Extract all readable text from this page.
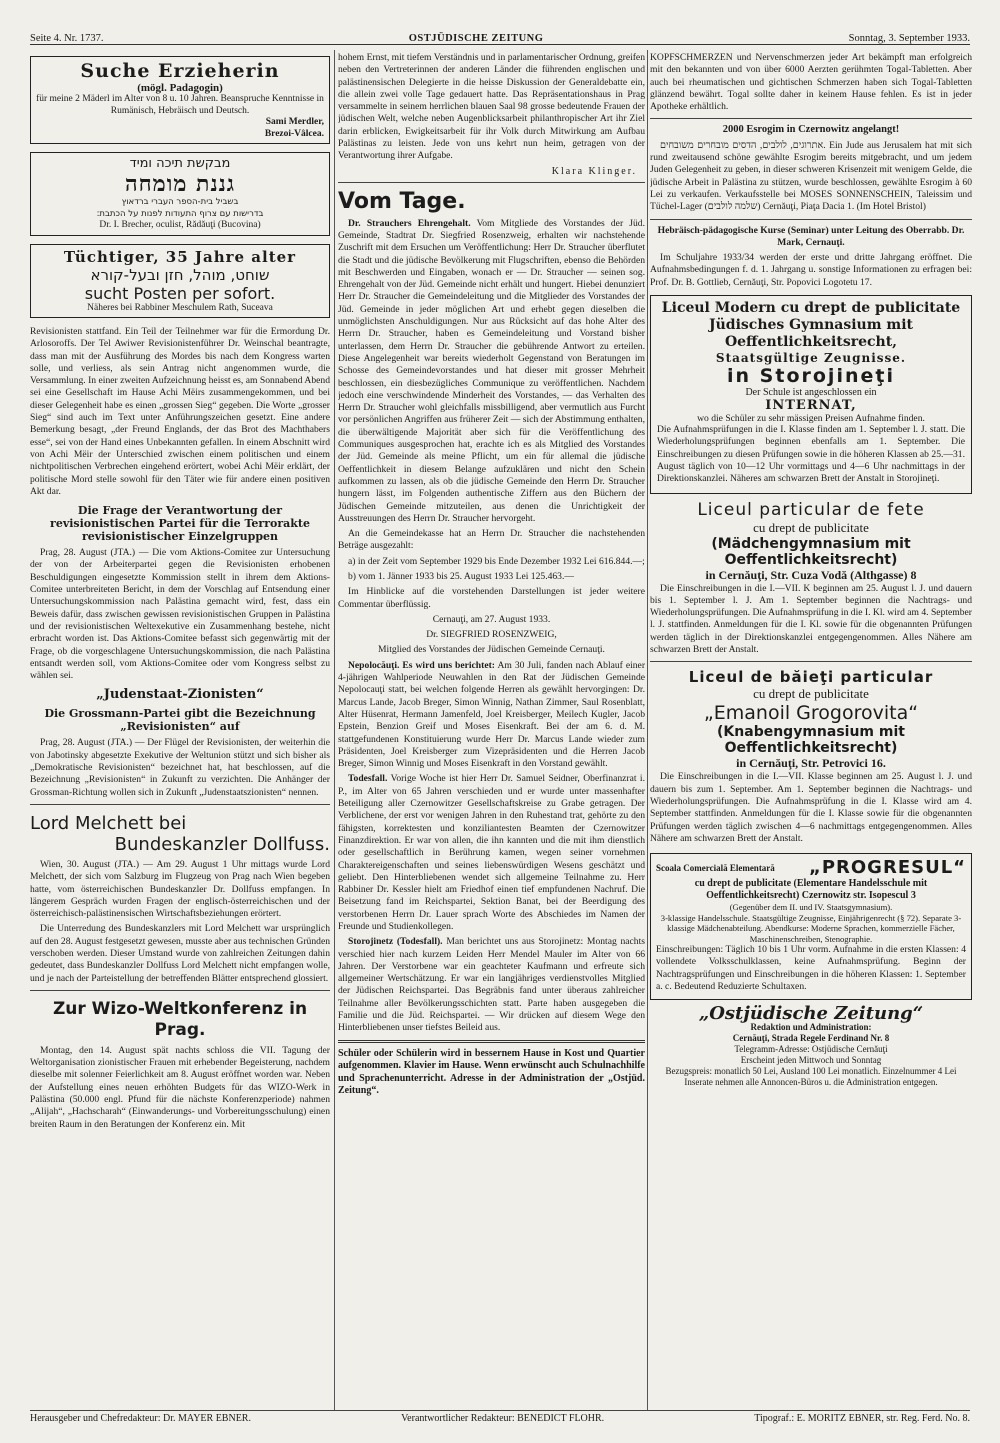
Seite 4. Nr. 1737.	OSTJÜDISCHE ZEITUNG	Sonntag, 3. September 1933.
Suche Erzieherin
(mögl. Padagogin)
für meine 2 Mäderl im Alter von 8 u. 10 Jahren. Beanspruche Kenntnisse in Rumänisch, Hebräisch und Deutsch.
Sami Merdler,
Brezoi-Vâlcea.
מבקשת תיכה ומיד
גננת מומחה
בשביל בית-הספר העברי ברדאוץ
בדרישות עם צרוף התעודות לפנות על הכתבת:
Dr. I. Brecher, oculist, Rădăuţi (Bucovina)
Tüchtiger, 35 Jahre alter
שוחט, מוהל, חזן ובעל-קורא
sucht Posten per sofort.
Näheres bei Rabbiner Meschulem Rath, Suceava

Revisionisten stattfand. Ein Teil der Teilnehmer war für die Ermordung Dr. Arlosoroffs. Der Tel Awiwer Revisionistenführer Dr. Weinschal beantragte, dass man mit der Ausführung des Mordes bis nach dem Kongress warten solle, und verliess, als sein Antrag nicht angenommen wurde, die Versammlung. In einer zweiten Aufzeichnung heisst es, am Sonnabend Abend sei eine Gesellschaft im Hause Achi Mëirs zusammengekommen, und bei dieser Gelegenheit habe es einen „grossen Sieg“ gegeben. Die Worte „grosser Sieg“ sind auch im Text unter Anführungszeichen gesetzt. Eine andere Bemerkung besagt, „der Freund Englands, der das Brot des Machthabers esse“, sei von der Hand eines Unbekannten gefallen. In einem Abschnitt wird von Achi Mëir der Unterschied zwischen einem politischen und einem nichtpolitischen Verbrechen eingehend erörtert, wobei Achi Mëir erklärt, der politische Mord stelle sowohl für den Täter wie für andere einen positiven Akt dar.

Die Frage der Verantwortung der revisionistischen Partei für die Terrorakte revisionistischer Einzelgruppen

Prag, 28. August (JTA.) — Die vom Aktions-Comitee zur Untersuchung der von der Arbeiterpartei gegen die Revisionisten erhobenen Beschuldigungen eingesetzte Kommission stellt in ihrem dem Aktions-Comitee unterbreiteten Bericht, in dem der Vorschlag auf Entsendung einer Untersuchungskommission nach Palästina gemacht wird, fest, dass ein Beweis dafür, dass zwischen gewissen revisionistischen Gruppen in Palästina und der revisionistischen Weltexekutive ein Zusammenhang bestehe, nicht erbracht worden ist. Das Aktions-Comitee befasst sich gegenwärtig mit der Frage, ob die vorgeschlagene Untersuchungskommission, die nach Palästina entsandt werden soll, vom Aktions-Comitee oder vom Kongress selbst zu wählen sei.

„Judenstaat-Zionisten“
Die Grossmann-Partei gibt die Bezeichnung „Revisionisten“ auf

Prag, 28. August (JTA.) — Der Flügel der Revisionisten, der weiterhin die von Jabotinsky abgesetzte Exekutive der Weltunion stützt und sich bisher als „Demokratische Revisionisten“ bezeichnet hat, hat beschlossen, auf die Bezeichnung „Revisionisten“ in Zukunft zu verzichten. Die Anhänger der Grossman-Richtung wollen sich in Zukunft „Judenstaatszionisten“ nennen.

Lord Melchett bei
Bundeskanzler Dollfuss.

Wien, 30. August (JTA.) — Am 29. August 1 Uhr mittags wurde Lord Melchett, der sich vom Salzburg im Flugzeug von Prag nach Wien begeben hatte, vom österreichischen Bundeskanzler Dr. Dollfuss empfangen. In längerem Gespräch wurden Fragen der englisch-österreichischen und der österreichisch-palästinensischen Wirtschaftsbeziehungen erörtert.

Die Unterredung des Bundeskanzlers mit Lord Melchett war ursprünglich auf den 28. August festgesetzt gewesen, musste aber aus technischen Gründen verschoben werden. Dieser Umstand wurde von zahlreichen Zeitungen dahin gedeutet, dass Bundeskanzler Dollfuss Lord Melchett nicht empfangen wolle, und je nach der Parteistellung der betreffenden Blätter entsprechend glossiert.

Zur Wizo-Weltkonferenz in Prag.

Montag, den 14. August spät nachts schloss die VII. Tagung der Weltorganisation zionistischer Frauen mit erhebender Begeisterung, nachdem dieselbe mit solenner Feierlichkeit am 8. August eröffnet worden war. Neben der Aufstellung eines neuen erhöhten Budgets für das WIZO-Werk in Palästina (50.000 engl. Pfund für die nächste Konferenzperiode) nahmen „Alijah“, „Hachscharah“ (Einwanderungs- und Vorbereitungsschulung) einen breiten Raum in den Beratungen der Konferenz ein. Mit

hohem Ernst, mit tiefem Verständnis und in parlamentarischer Ordnung, greifen neben den Vertreterinnen der anderen Länder die führenden englischen und palästinensischen Delegierte in die heisse Diskussion der Generaldebatte ein, die allein zwei volle Tage gedauert hatte. Das Repräsentationshaus in Prag versammelte in seinem herrlichen blauen Saal 98 grosse bedeutende Frauen der jüdischen Welt, welche neben Augenblicksarbeit philanthropischer Art ihr Ziel darin erblicken, Ewigkeitsarbeit für ihr Volk durch Mitwirkung am Aufbau Palästinas zu leisten. Jede von uns kehrt nun heim, getragen von der Verantwortung ihrer Aufgabe.

Klara Klinger.
Vom Tage.

Dr. Strauchers Ehrengehalt. Vom Mitgliede des Vorstandes der Jüd. Gemeinde, Stadtrat Dr. Siegfried Rosenzweig, erhalten wir nachstehende Zuschrift mit dem Ersuchen um Veröffentlichung: Herr Dr. Straucher überflutet die Stadt und die jüdische Bevölkerung mit Flugschriften, ebenso die Behörden mit Beschwerden und Eingaben, wonach er — Dr. Straucher — seinen sog. Ehrengehalt von der Jüd. Gemeinde nicht erhält und hungert. Hiebei denunziert Herr Dr. Straucher die Gemeindeleitung und die Mitglieder des Vorstandes der Jüd. Gemeinde in jeder möglichen Art und erhebt gegen dieselben die unmöglichsten Anschuldigungen. Nur aus Rücksicht auf das hohe Alter des Herrn Dr. Straucher, haben es Gemeindeleitung und Vorstand bisher unterlassen, dem Herrn Dr. Straucher die gebührende Antwort zu erteilen. Diese Angelegenheit war bereits wiederholt Gegenstand von Beratungen im Schosse des Gemeindevorstandes und hat dieser mit grosser Mehrheit beschlossen, ein diesbezügliches Communique zu veröffentlichen. Nachdem jedoch eine verschwindende Minderheit des Vorstandes, — das Verhalten des Herrn Dr. Straucher wohl gleichfalls missbilligend, aber vermutlich aus Furcht vor persönlichen Angriffen aus früherer Zeit — sich der Abstimmung enthalten, die überwältigende Majorität aber sich für die Veröffentlichung des Communiques ausgesprochen hat, erachte ich es als Mitglied des Vorstandes der Jüd. Gemeinde als meine Pflicht, um ein für allemal die jüdische Oeffentlichkeit in diesem Belange aufzuklären und nicht den Schein aufkommen zu lassen, als ob die jüdische Gemeinde den Herrn Dr. Straucher hungern lässt, im Folgenden authentische Ziffern aus den Büchern der Jüdischen Gemeinde mitzuteilen, aus denen die Unrichtigkeit der Ausstreuungen des Herrn Dr. Straucher hervorgeht.

An die Gemeindekasse hat an Herrn Dr. Straucher die nachstehenden Beträge ausgezahlt:

a) in der Zeit vom September 1929 bis Ende Dezember 1932 Lei 616.844.—;

b) vom 1. Jänner 1933 bis 25. August 1933 Lei 125.463.—

Im Hinblicke auf die vorstehenden Darstellungen ist jeder weitere Commentar überflüssig.

Cernauţi, am 27. August 1933.

Dr. SIEGFRIED ROSENZWEIG,

Mitglied des Vorstandes der Jüdischen Gemeinde Cernauţi.

Nepolocăuţi. Es wird uns berichtet: Am 30 Juli, fanden nach Ablauf einer 4-jährigen Wahlperiode Neuwahlen in den Rat der Jüdischen Gemeinde Nepolocauţi statt, bei welchen folgende Herren als gewählt hervorgingen: Dr. Marcus Lande, Jacob Breger, Simon Winnig, Nathan Zimmer, Saul Rosenblatt, Alter Hüsenrat, Hermann Jamenfeld, Joel Kreisberger, Meilech Kugler, Jacob Epstein, Benzion Greif und Moses Eisenkraft. Bei der am 6. d. M. stattgefundenen Konstituierung wurde Herr Dr. Marcus Lande wieder zum Präsidenten, Joel Kreisberger zum Vizepräsidenten und die Herren Jacob Breger, Simon Winnig und Moses Eisenkraft in den Vorstand gewählt.

Todesfall. Vorige Woche ist hier Herr Dr. Samuel Seidner, Oberfinanzrat i. P., im Alter von 65 Jahren verschieden und er wurde unter massenhafter Beteiligung aller Czernowitzer Gesellschaftskreise zu Grabe getragen. Der Verblichene, der erst vor wenigen Jahren in den Ruhestand trat, gehörte zu den fähigsten, korrektesten und konziliantesten Beamten der Czernowitzer Finanzdirektion. Er war von allen, die ihn kannten und die mit ihm dienstlich oder gesellschaftlich in Berührung kamen, wegen seiner vornehmen Charaktereigenschaften und seines liebenswürdigen Wesens geschätzt und geliebt. Den Hinterbliebenen wendet sich allgemeine Teilnahme zu. Herr Rabbiner Dr. Kessler hielt am Friedhof einen tief empfundenen Nachruf. Die Beisetzung fand im Reichspartei, Sektion Banat, bei der Beerdigung des verstorbenen Herrn Dr. Lauer sprach Worte des Abschiedes im Namen der Freunde und Studienkollegen.

Storojinetz (Todesfall). Man berichtet uns aus Storojinetz: Montag nachts verschied hier nach kurzem Leiden Herr Mendel Mauler im Alter von 66 Jahren. Der Verstorbene war ein geachteter Kaufmann und erfreute sich allgemeiner Wertschätzung. Er war ein langjähriges verdienstvolles Mitglied der Jüdischen Reichspartei. Das Begräbnis fand unter überaus zahlreicher Teilnahme aller Bevölkerungsschichten statt. Parte haben ausgegeben die Familie und die Jüd. Reichspartei. — Wir drücken auf diesem Wege den Hinterbliebenen unser tiefstes Beileid aus.

Schüler oder Schülerin wird in bessernem Hause in Kost und Quartier aufgenommen. Klavier im Hause. Wenn erwünscht auch Schulnachhilfe und Sprachenunterricht. Adresse in der Administration der „Ostjüd. Zeitung“.

KOPFSCHMERZEN und Nervenschmerzen jeder Art bekämpft man erfolgreich mit den bekannten und von über 6000 Aerzten gerühmten Togal-Tabletten. Aber auch bei rheumatischen und gichtischen Schmerzen haben sich Togal-Tabletten glänzend bewährt. Togal sollte daher in keinem Hause fehlen. Es ist in jeder Apotheke erhältlich.

2000 Esrogim in Czernowitz angelangt!

אתרוגים, לולבים, הדסים מובחרים משובחים. Ein Jude aus Jerusalem hat mit sich rund zweitausend schöne gewählte Esrogim bereits mitgebracht, und um jedem Juden Gelegenheit zu geben, in dieser schweren Krisenzeit mit wenigem Gelde, die jüdische Arbeit in Palästina zu stützen, wurde beschlossen, gewählte Esrogim à 60 Lei zu verkaufen. Verkaufsstelle bei MOSES SONNENSCHEIN, Taleissim und Tüchel-Lager (שלמה לולבים) Cernăuţi, Piaţa Dacia 1. (Im Hotel Bristol)

Hebräisch-pädagogische Kurse (Seminar) unter Leitung des Oberrabb. Dr. Mark, Cernauţi.

Im Schuljahre 1933/34 werden der erste und dritte Jahrgang eröffnet. Die Aufnahmsbedingungen f. d. 1. Jahrgang u. sonstige Informationen zu erfragen bei: Prof. Dr. B. Gottlieb, Cernăuţi, Str. Popovici Logotetu 17.

Liceul Modern cu drept de publicitate
Jüdisches Gymnasium mit Oeffentlichkeitsrecht,
Staatsgültige Zeugnisse.
in Storojineţi
Der Schule ist angeschlossen ein
INTERNAT,
wo die Schüler zu sehr mässigen Preisen Aufnahme finden.

Die Aufnahmsprüfungen in die I. Klasse finden am 1. September l. J. statt. Die Wiederholungsprüfungen beginnen ebenfalls am 1. September. Die Einschreibungen zu diesen Prüfungen sowie in die höheren Klassen ab 25.—31. August täglich von 10—12 Uhr vormittags und 4—6 Uhr nachmittags in der Direktionskanzlei. Näheres am schwarzen Brett der Anstalt in Storojineţi.

Liceul particular de fete
cu drept de publicitate
(Mädchengymnasium mit Oeffentlichkeitsrecht)
in Cernăuţi, Str. Cuza Vodă (Althgasse) 8

Die Einschreibungen in die I.—VII. K beginnen am 25. August l. J. und dauern bis 1. September l. J. Am 1. September beginnen die Nachtrags- und Wiederholungsprüfungen. Die Aufnahmsprüfung in die I. Kl. wird am 4. September l. J. stattfinden. Anmeldungen für die I. Kl. sowie für die obgenannten Prüfungen werden täglich in der Direktionskanzlei entgegengenommen. Alles Nähere am schwarzen Brett der Anstalt.

Liceul de băieţi particular
cu drept de publicitate
„Emanoil Grogorovita“
(Knabengymnasium mit Oeffentlichkeitsrecht)
in Cernăuţi, Str. Petrovici 16.

Die Einschreibungen in die I.—VII. Klasse beginnen am 25. August l. J. und dauern bis zum 1. September. Am 1. September beginnen die Nachtrags- und Wiederholungsprüfungen. Die Aufnahmsprüfung in die I. Klasse wird am 4. September stattfinden. Anmeldungen für die I. Klasse sowie für die obgenannten Prüfungen werden täglich zwischen 4—6 nachmittags entgegengenommen. Alles Nähere am schwarzen Brett der Anstalt.

Scoala Comercială Elementară „PROGRESUL“
cu drept de publicitate (Elementare Handelsschule mit Oeffentlichkeitsrecht) Czernowitz str. Isopescul 3
(Gegenüber dem II. und IV. Staatsgymnasium).
3-klassige Handelsschule. Staatsgültige Zeugnisse, Einjährigenrecht (§ 72). Separate 3-klassige Mädchenabteilung. Abendkurse: Moderne Sprachen, kommerzielle Fächer, Maschinenschreiben, Stenographie.

Einschreibungen: Täglich 10 bis 1 Uhr vorm. Aufnahme in die ersten Klassen: 4 vollendete Volksschulklassen, keine Aufnahmsprüfung. Beginn der Nachtragsprüfungen und Einschreibungen in die höheren Klassen: 1. September a. c. Bedeutend Reduzierte Schultaxen.

„Ostjüdische Zeitung“
Redaktion und Administration:
Cernăuţi, Strada Regele Ferdinand Nr. 8
Telegramm-Adresse: Ostjüdische Cernăuţi
Erscheint jeden Mittwoch und Sonntag
Bezugspreis: monatlich 50 Lei, Ausland 100 Lei monatlich. Einzelnummer 4 Lei
Inserate nehmen alle Annoncen-Büros u. die Administration entgegen.
Herausgeber und Chefredakteur: Dr. MAYER EBNER.	Verantwortlicher Redakteur: BENEDICT FLOHR.	Tipograf.: E. MORITZ EBNER, str. Reg. Ferd. No. 8.
